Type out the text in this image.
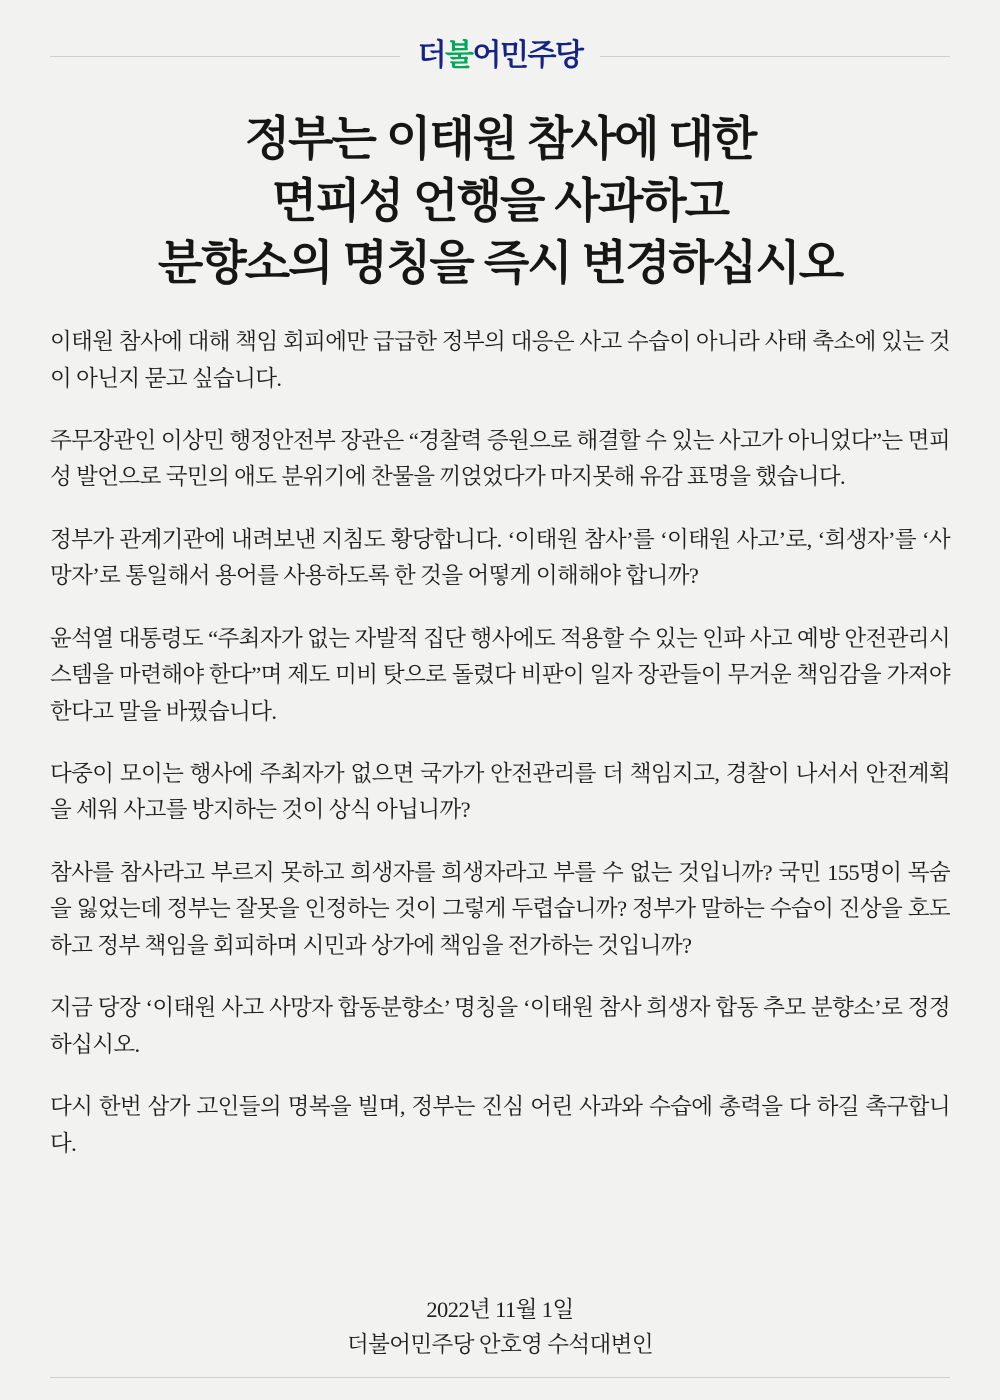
더 불 어민주당
정부는 이태원 참사에 대한
면피성 언행을 사과하고
분향소의 명칭을 즉시 변경하십시오

이태원 참사에 대해 책임 회피에만 급급한 정부의 대응은 사고 수습이 아니라 사태 축소에 있는 것이 아닌지 묻고 싶습니다.

주무장관인 이상민 행정안전부 장관은 “경찰력 증원으로 해결할 수 있는 사고가 아니었다”는 면피성 발언으로 국민의 애도 분위기에 찬물을 끼얹었다가 마지못해 유감 표명을 했습니다.

정부가 관계기관에 내려보낸 지침도 황당합니다. ‘이태원 참사’를 ‘이태원 사고’로, ‘희생자’를 ‘사망자’로 통일해서 용어를 사용하도록 한 것을 어떻게 이해해야 합니까?

윤석열 대통령도 “주최자가 없는 자발적 집단 행사에도 적용할 수 있는 인파 사고 예방 안전관리시스템을 마련해야 한다”며 제도 미비 탓으로 돌렸다 비판이 일자 장관들이 무거운 책임감을 가져야 한다고 말을 바꿨습니다.

다중이 모이는 행사에 주최자가 없으면 국가가 안전관리를 더 책임지고, 경찰이 나서서 안전계획을 세워 사고를 방지하는 것이 상식 아닙니까?

참사를 참사라고 부르지 못하고 희생자를 희생자라고 부를 수 없는 것입니까? 국민 155명이 목숨을 잃었는데 정부는 잘못을 인정하는 것이 그렇게 두렵습니까? 정부가 말하는 수습이 진상을 호도하고 정부 책임을 회피하며 시민과 상가에 책임을 전가하는 것입니까?

지금 당장 ‘이태원 사고 사망자 합동분향소’ 명칭을 ‘이태원 참사 희생자 합동 추모 분향소’로 정정하십시오.

다시 한번 삼가 고인들의 명복을 빌며, 정부는 진심 어린 사과와 수습에 총력을 다 하길 촉구합니다.

2022년 11월 1일
더불어민주당 안호영 수석대변인
